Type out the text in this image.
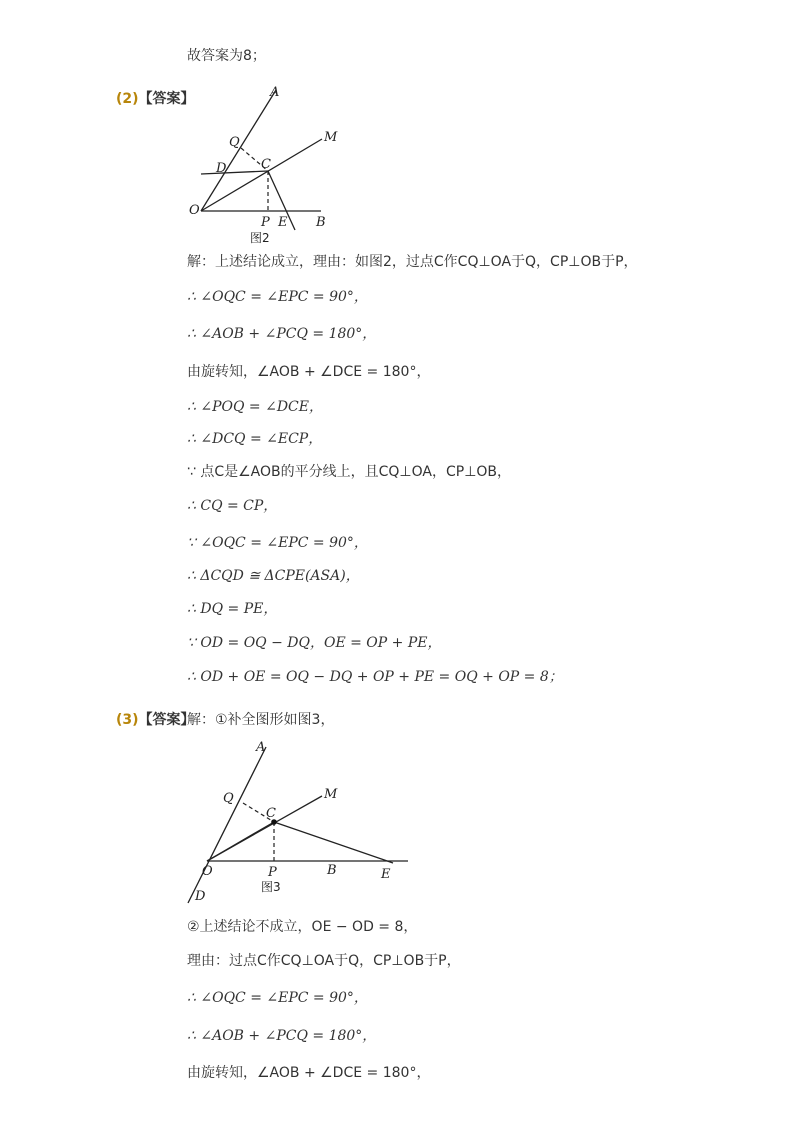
故答案为8；
(2)【答案】	A
Q	M
D	C
O
P E B
图2
解：上述结论成立，理由：如图2，过点C作CQ⊥OA于Q，CP⊥OB于P，
∴ ∠OQC = ∠EPC = 90°，
∴ ∠AOB + ∠PCQ = 180°，
由旋转知，∠AOB + ∠DCE = 180°，
∴ ∠POQ = ∠DCE，
∴ ∠DCQ = ∠ECP，
∵ 点C是∠AOB的平分线上，且CQ⊥OA，CP⊥OB，
∴ CQ = CP，
∵ ∠OQC = ∠EPC = 90°，
∴ ΔCQD ≅ ΔCPE(ASA)，
∴ DQ = PE，
∵ OD = OQ − DQ，OE = OP + PE，
∴ OD + OE = OQ − DQ + OP + PE = OQ + OP = 8；
(3)【答案】
解：①补全图形如图3，
A
Q	M
C
O	P	B	E
D
图3
②上述结论不成立，OE − OD = 8，
理由：过点C作CQ⊥OA于Q，CP⊥OB于P，
∴ ∠OQC = ∠EPC = 90°，
∴ ∠AOB + ∠PCQ = 180°，
由旋转知，∠AOB + ∠DCE = 180°，
